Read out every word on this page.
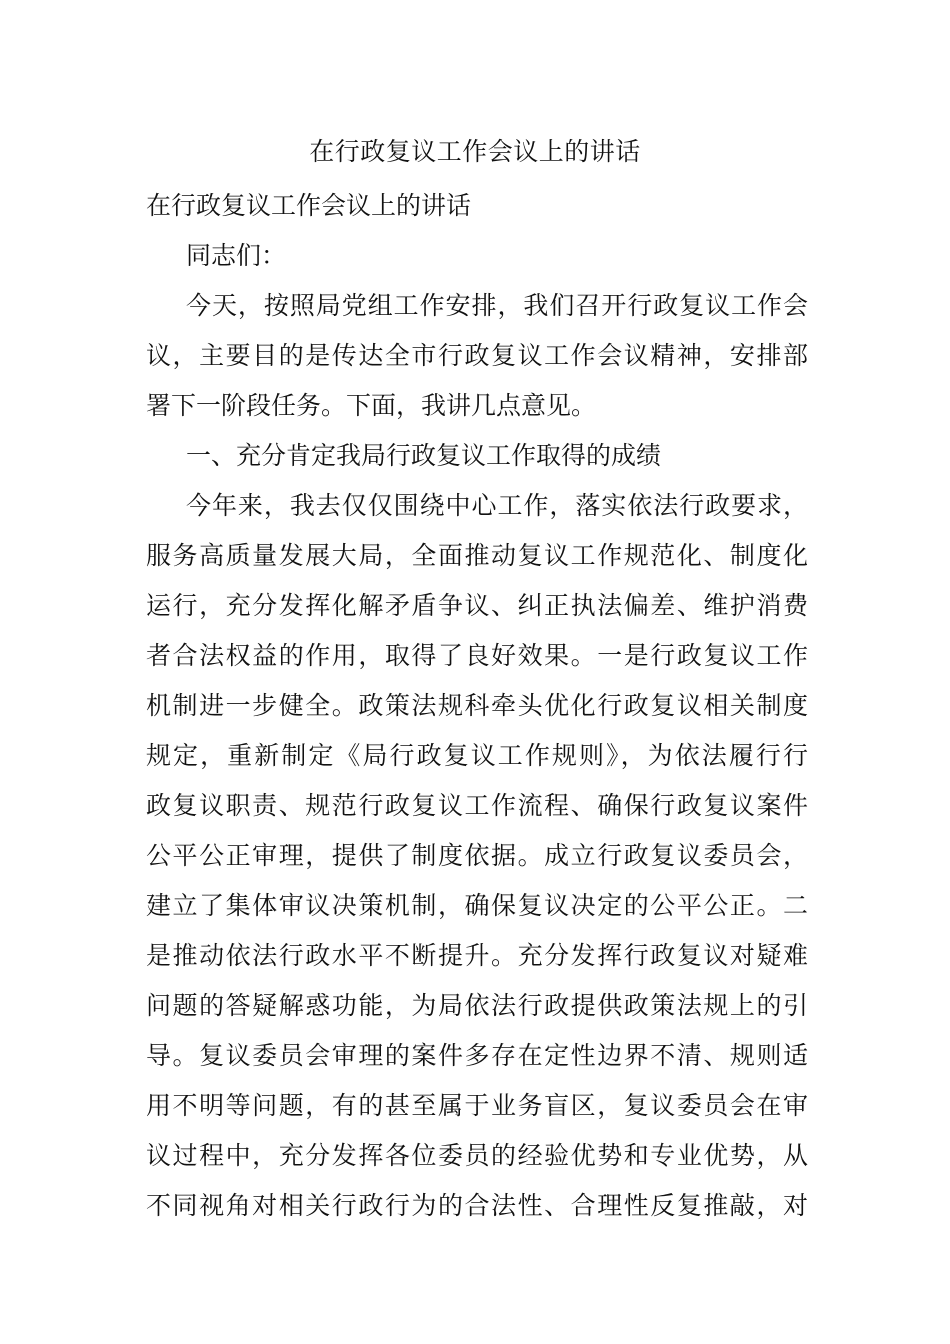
在行政复议工作会议上的讲话
在行政复议工作会议上的讲话
同志们：
今天，按照局党组工作安排，我们召开行政复议工作会
议，主要目的是传达全市行政复议工作会议精神，安排部
署下一阶段任务。下面，我讲几点意见。
一、充分肯定我局行政复议工作取得的成绩
今年来，我去仅仅围绕中心工作，落实依法行政要求，
服务高质量发展大局，全面推动复议工作规范化、制度化
运行，充分发挥化解矛盾争议、纠正执法偏差、维护消费
者合法权益的作用，取得了良好效果。一是行政复议工作
机制进一步健全。政策法规科牵头优化行政复议相关制度
规定，重新制定《局行政复议工作规则》，为依法履行行
政复议职责、规范行政复议工作流程、确保行政复议案件
公平公正审理，提供了制度依据。成立行政复议委员会，
建立了集体审议决策机制，确保复议决定的公平公正。二
是推动依法行政水平不断提升。充分发挥行政复议对疑难
问题的答疑解惑功能，为局依法行政提供政策法规上的引
导。复议委员会审理的案件多存在定性边界不清、规则适
用不明等问题，有的甚至属于业务盲区，复议委员会在审
议过程中，充分发挥各位委员的经验优势和专业优势，从
不同视角对相关行政行为的合法性、合理性反复推敲，对
